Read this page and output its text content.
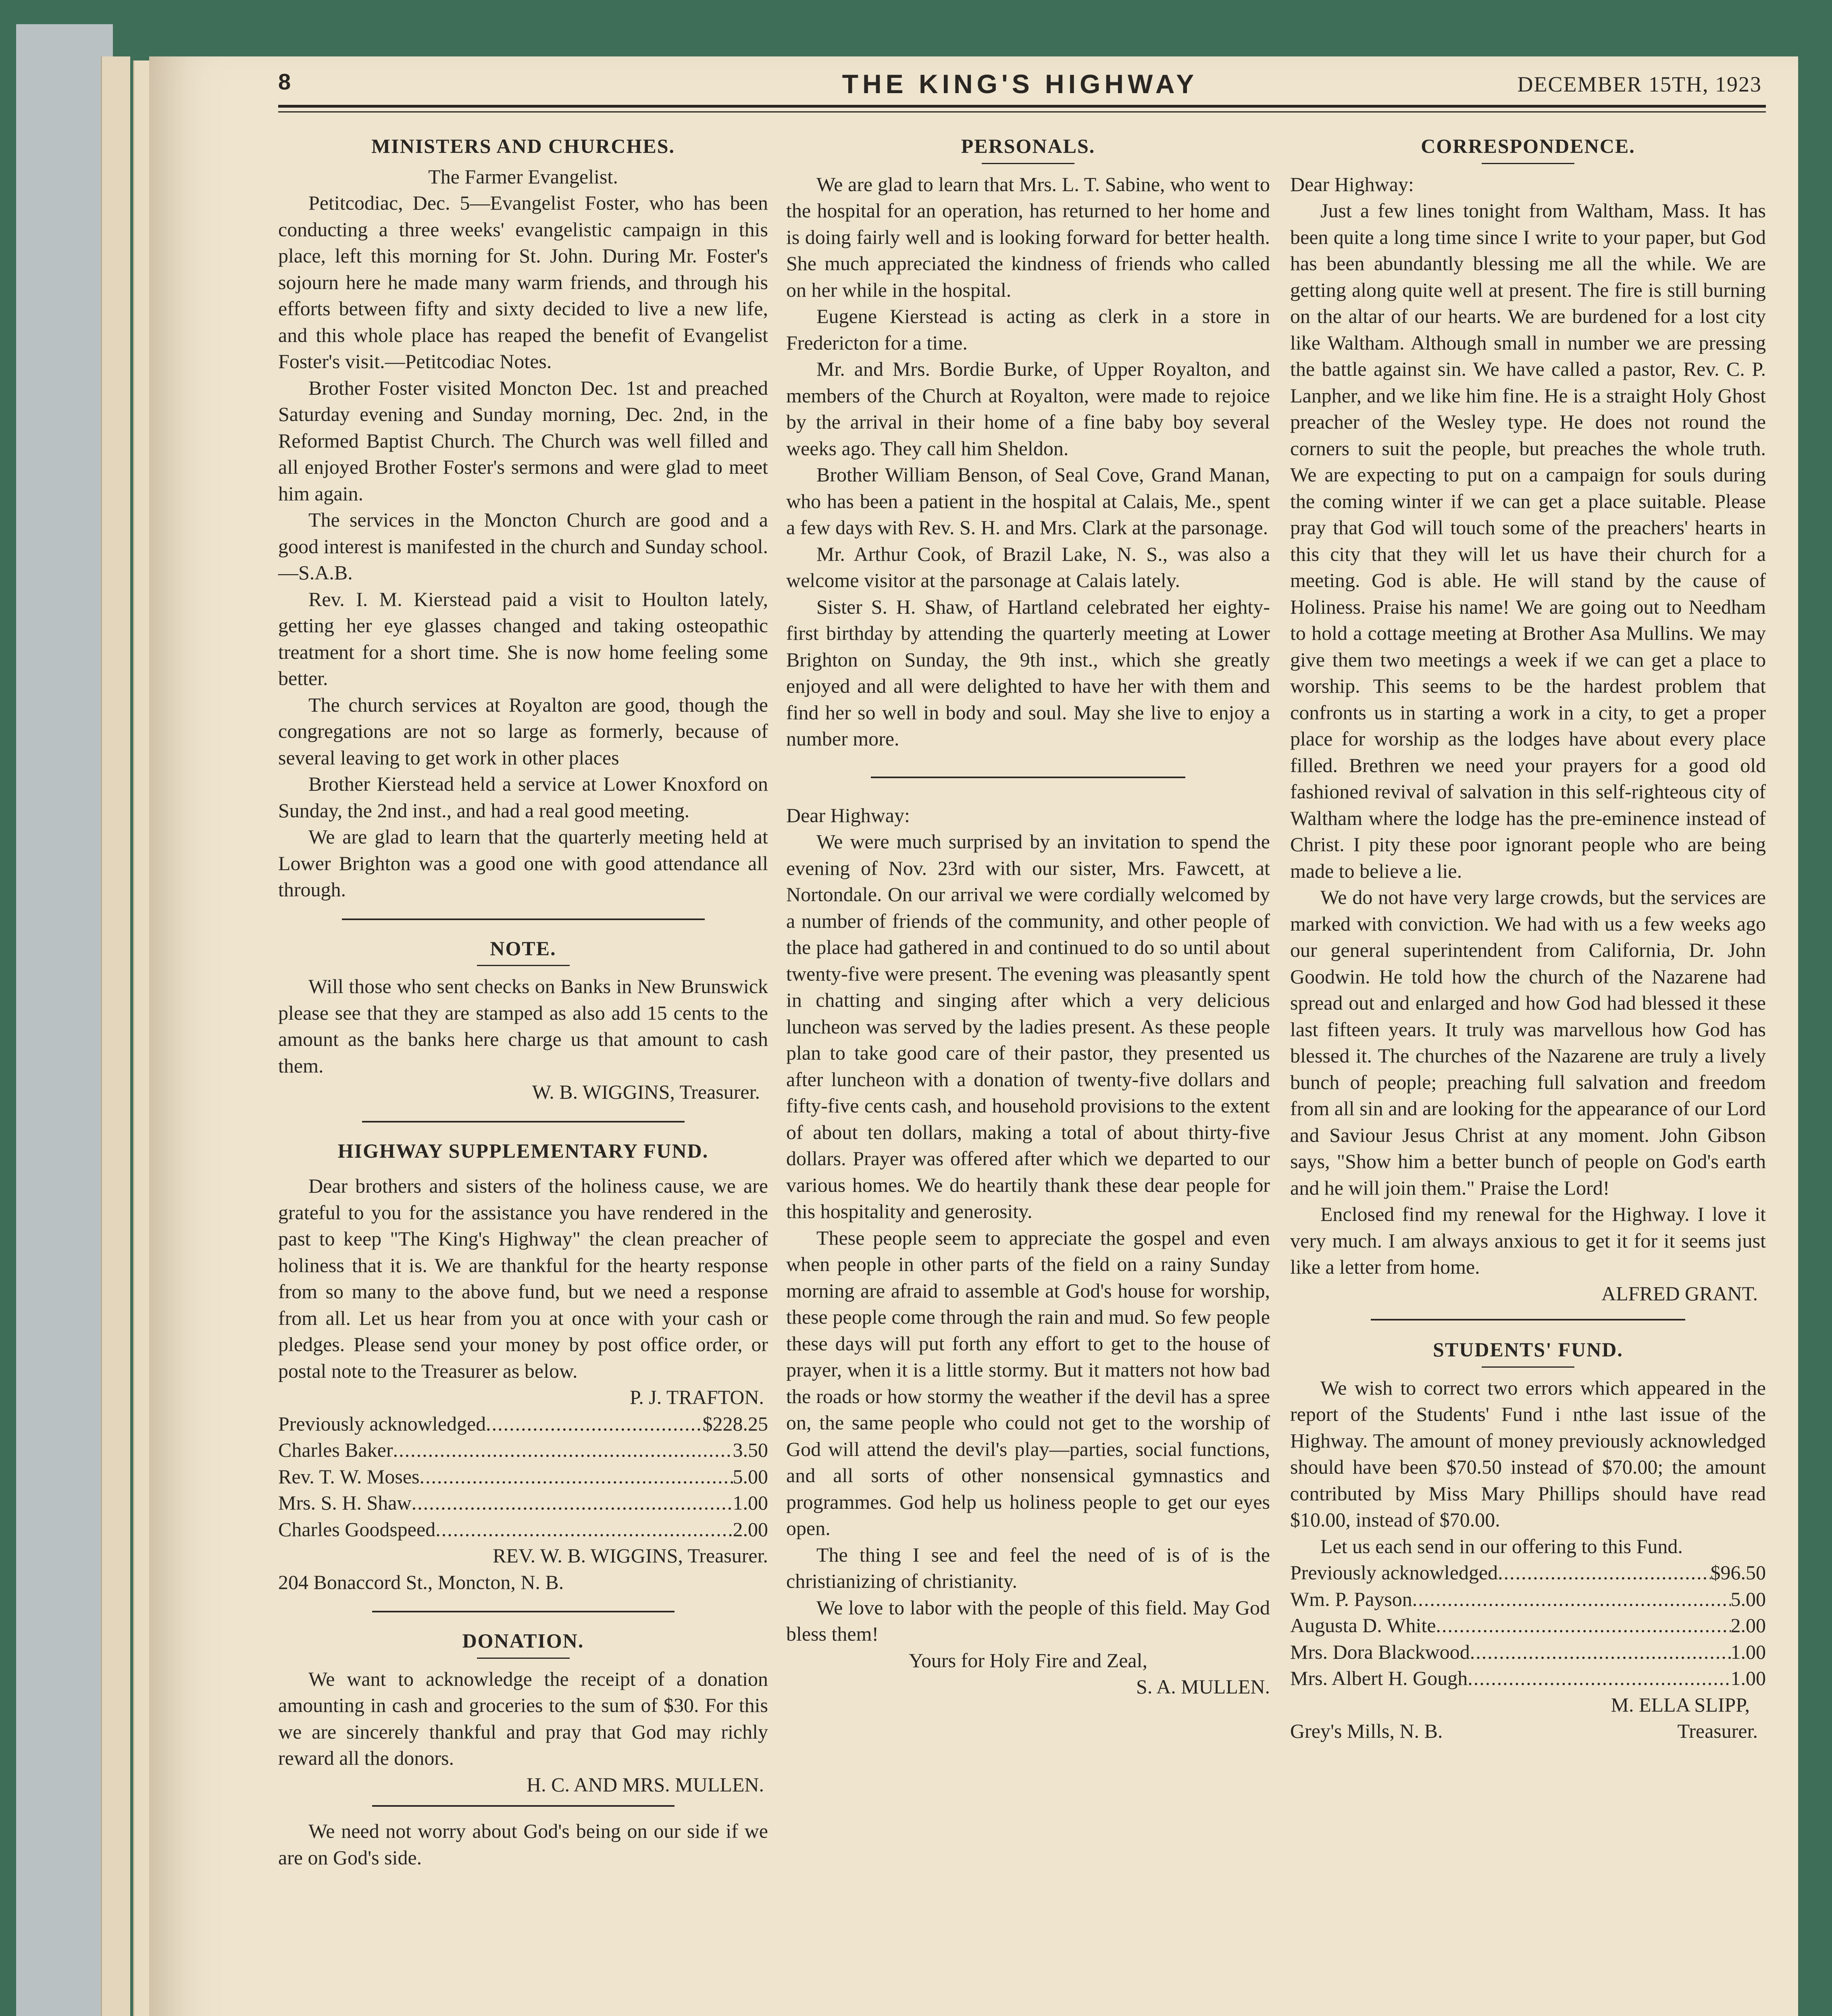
8	THE KING'S HIGHWAY	DECEMBER 15TH, 1923
MINISTERS AND CHURCHES.

The Farmer Evangelist.

Petitcodiac, Dec. 5—Evangelist Foster, who has been conducting a three weeks' evangelistic campaign in this place, left this morning for St. John. During Mr. Foster's sojourn here he made many warm friends, and through his efforts between fifty and sixty decided to live a new life, and this whole place has reaped the benefit of Evangelist Foster's visit.—Petitcodiac Notes.

Brother Foster visited Moncton Dec. 1st and preached Saturday evening and Sunday morning, Dec. 2nd, in the Reformed Baptist Church. The Church was well filled and all enjoyed Brother Foster's sermons and were glad to meet him again.

The services in the Moncton Church are good and a good interest is manifested in the church and Sunday school.—S.A.B.

Rev. I. M. Kierstead paid a visit to Houlton lately, getting her eye glasses changed and taking osteopathic treatment for a short time. She is now home feeling some better.

The church services at Royalton are good, though the congregations are not so large as formerly, because of several leaving to get work in other places

Brother Kierstead held a service at Lower Knoxford on Sunday, the 2nd inst., and had a real good meeting.

We are glad to learn that the quarterly meeting held at Lower Brighton was a good one with good attendance all through.

NOTE.

Will those who sent checks on Banks in New Brunswick please see that they are stamped as also add 15 cents to the amount as the banks here charge us that amount to cash them.

W. B. WIGGINS, Treasurer.

HIGHWAY SUPPLEMENTARY FUND.

Dear brothers and sisters of the holiness cause, we are grateful to you for the assistance you have rendered in the past to keep "The King's Highway" the clean preacher of holiness that it is. We are thankful for the hearty response from so many to the above fund, but we need a response from all. Let us hear from you at once with your cash or pledges. Please send your money by post office order, or postal note to the Treasurer as below.

P. J. TRAFTON.

Previously acknowledged .....	$228.25
Charles Baker .....	3.50
Rev. T. W. Moses .....	5.00
Mrs. S. H. Shaw .....	1.00
Charles Goodspeed .....	2.00

REV. W. B. WIGGINS, Treasurer.

204 Bonaccord St., Moncton, N. B.

DONATION.

We want to acknowledge the receipt of a donation amounting in cash and groceries to the sum of $30. For this we are sincerely thankful and pray that God may richly reward all the donors.

H. C. AND MRS. MULLEN.

We need not worry about God's being on our side if we are on God's side.

PERSONALS.

We are glad to learn that Mrs. L. T. Sabine, who went to the hospital for an operation, has returned to her home and is doing fairly well and is looking forward for better health. She much appreciated the kindness of friends who called on her while in the hospital.

Eugene Kierstead is acting as clerk in a store in Fredericton for a time.

Mr. and Mrs. Bordie Burke, of Upper Royalton, and members of the Church at Royalton, were made to rejoice by the arrival in their home of a fine baby boy several weeks ago. They call him Sheldon.

Brother William Benson, of Seal Cove, Grand Manan, who has been a patient in the hospital at Calais, Me., spent a few days with Rev. S. H. and Mrs. Clark at the parsonage.

Mr. Arthur Cook, of Brazil Lake, N. S., was also a welcome visitor at the parsonage at Calais lately.

Sister S. H. Shaw, of Hartland celebrated her eighty-first birthday by attending the quarterly meeting at Lower Brighton on Sunday, the 9th inst., which she greatly enjoyed and all were delighted to have her with them and find her so well in body and soul. May she live to enjoy a number more.

Dear Highway:

We were much surprised by an invitation to spend the evening of Nov. 23rd with our sister, Mrs. Fawcett, at Nortondale. On our arrival we were cordially welcomed by a number of friends of the community, and other people of the place had gathered in and continued to do so until about twenty-five were present. The evening was pleasantly spent in chatting and singing after which a very delicious luncheon was served by the ladies present. As these people plan to take good care of their pastor, they presented us after luncheon with a donation of twenty-five dollars and fifty-five cents cash, and household provisions to the extent of about ten dollars, making a total of about thirty-five dollars. Prayer was offered after which we departed to our various homes. We do heartily thank these dear people for this hospitality and generosity.

These people seem to appreciate the gospel and even when people in other parts of the field on a rainy Sunday morning are afraid to assemble at God's house for worship, these people come through the rain and mud. So few people these days will put forth any effort to get to the house of prayer, when it is a little stormy. But it matters not how bad the roads or how stormy the weather if the devil has a spree on, the same people who could not get to the worship of God will attend the devil's play—parties, social functions, and all sorts of other nonsensical gymnastics and programmes. God help us holiness people to get our eyes open.

The thing I see and feel the need of is of is the christianizing of christianity.

We love to labor with the people of this field. May God bless them!

Yours for Holy Fire and Zeal,

S. A. MULLEN.

CORRESPONDENCE.

Dear Highway:

Just a few lines tonight from Waltham, Mass. It has been quite a long time since I write to your paper, but God has been abundantly blessing me all the while. We are getting along quite well at present. The fire is still burning on the altar of our hearts. We are burdened for a lost city like Waltham. Although small in number we are pressing the battle against sin. We have called a pastor, Rev. C. P. Lanpher, and we like him fine. He is a straight Holy Ghost preacher of the Wesley type. He does not round the corners to suit the people, but preaches the whole truth. We are expecting to put on a campaign for souls during the coming winter if we can get a place suitable. Please pray that God will touch some of the preachers' hearts in this city that they will let us have their church for a meeting. God is able. He will stand by the cause of Holiness. Praise his name! We are going out to Needham to hold a cottage meeting at Brother Asa Mullins. We may give them two meetings a week if we can get a place to worship. This seems to be the hardest problem that confronts us in starting a work in a city, to get a proper place for worship as the lodges have about every place filled. Brethren we need your prayers for a good old fashioned revival of salvation in this self-righteous city of Waltham where the lodge has the pre-eminence instead of Christ. I pity these poor ignorant people who are being made to believe a lie.

We do not have very large crowds, but the services are marked with conviction. We had with us a few weeks ago our general superintendent from California, Dr. John Goodwin. He told how the church of the Nazarene had spread out and enlarged and how God had blessed it these last fifteen years. It truly was marvellous how God has blessed it. The churches of the Nazarene are truly a lively bunch of people; preaching full salvation and freedom from all sin and are looking for the appearance of our Lord and Saviour Jesus Christ at any moment. John Gibson says, "Show him a better bunch of people on God's earth and he will join them." Praise the Lord!

Enclosed find my renewal for the Highway. I love it very much. I am always anxious to get it for it seems just like a letter from home.

ALFRED GRANT.

STUDENTS' FUND.

We wish to correct two errors which appeared in the report of the Students' Fund i nthe last issue of the Highway. The amount of money previously acknowledged should have been $70.50 instead of $70.00; the amount contributed by Miss Mary Phillips should have read $10.00, instead of $70.00.

Let us each send in our offering to this Fund.

Previously acknowledged .....	$96.50
Wm. P. Payson .....	5.00
Augusta D. White .....	2.00
Mrs. Dora Blackwood .....	1.00
Mrs. Albert H. Gough .....	1.00

M. ELLA SLIPP,

Grey's Mills, N. B.	Treasurer.
